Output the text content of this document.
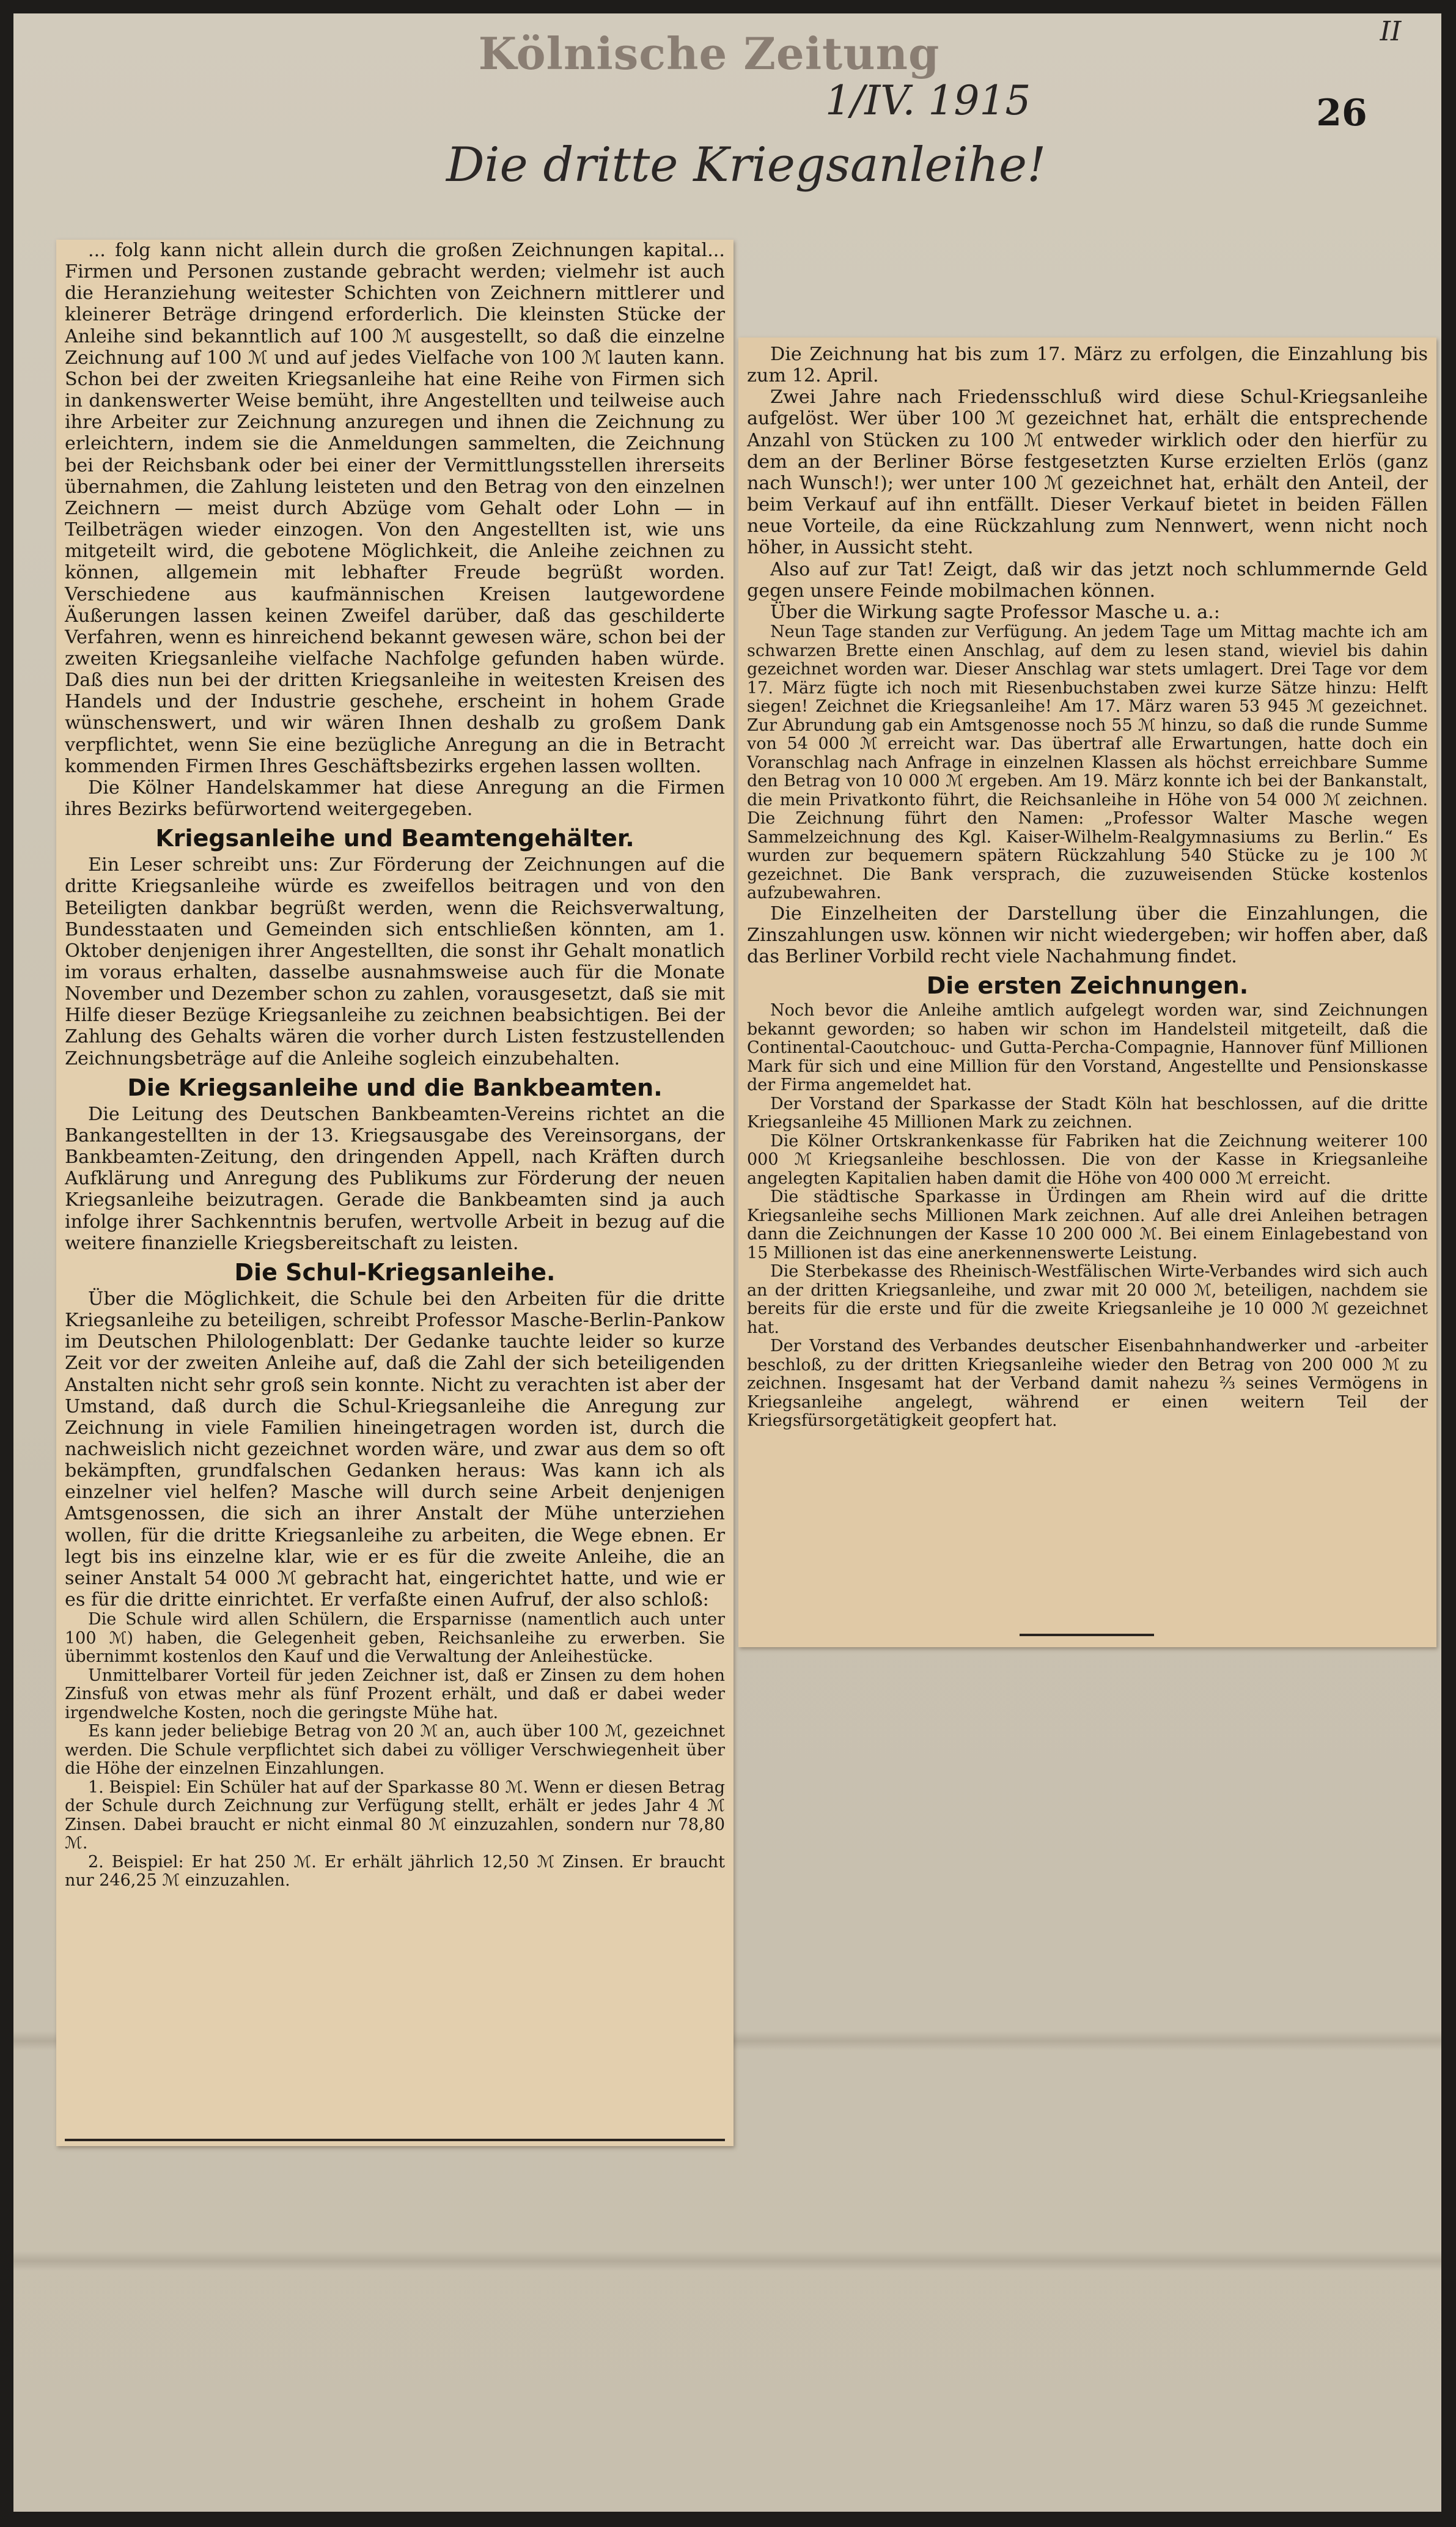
Kölnische Zeitung	II
1/IV. 1915	26
Die dritte Kriegsanleihe!

... folg kann nicht allein durch die großen Zeichnungen kapital... Firmen und Personen zustande gebracht werden; vielmehr ist auch die Heranziehung weitester Schichten von Zeichnern mittlerer und kleinerer Beträge dringend erforderlich. Die kleinsten Stücke der Anleihe sind bekanntlich auf 100 ℳ ausgestellt, so daß die einzelne Zeichnung auf 100 ℳ und auf jedes Vielfache von 100 ℳ lauten kann. Schon bei der zweiten Kriegsanleihe hat eine Reihe von Firmen sich in dankenswerter Weise bemüht, ihre Angestellten und teilweise auch ihre Arbeiter zur Zeichnung anzuregen und ihnen die Zeichnung zu erleichtern, indem sie die Anmeldungen sammelten, die Zeichnung bei der Reichsbank oder bei einer der Vermittlungsstellen ihrerseits übernahmen, die Zahlung leisteten und den Betrag von den einzelnen Zeichnern — meist durch Abzüge vom Gehalt oder Lohn — in Teilbeträgen wieder einzogen. Von den Angestellten ist, wie uns mitgeteilt wird, die gebotene Möglichkeit, die Anleihe zeichnen zu können, allgemein mit lebhafter Freude begrüßt worden. Verschiedene aus kaufmännischen Kreisen lautgewordene Äußerungen lassen keinen Zweifel darüber, daß das geschilderte Verfahren, wenn es hinreichend bekannt gewesen wäre, schon bei der zweiten Kriegsanleihe vielfache Nachfolge gefunden haben würde. Daß dies nun bei der dritten Kriegsanleihe in weitesten Kreisen des Handels und der Industrie geschehe, erscheint in hohem Grade wünschenswert, und wir wären Ihnen deshalb zu großem Dank verpflichtet, wenn Sie eine bezügliche Anregung an die in Betracht kommenden Firmen Ihres Geschäftsbezirks ergehen lassen wollten.

Die Kölner Handelskammer hat diese Anregung an die Firmen ihres Bezirks befürwortend weitergegeben.

Kriegsanleihe und Beamtengehälter.

Ein Leser schreibt uns: Zur Förderung der Zeichnungen auf die dritte Kriegsanleihe würde es zweifellos beitragen und von den Beteiligten dankbar begrüßt werden, wenn die Reichsverwaltung, Bundesstaaten und Gemeinden sich entschließen könnten, am 1. Oktober denjenigen ihrer Angestellten, die sonst ihr Gehalt monatlich im voraus erhalten, dasselbe ausnahmsweise auch für die Monate November und Dezember schon zu zahlen, vorausgesetzt, daß sie mit Hilfe dieser Bezüge Kriegsanleihe zu zeichnen beabsichtigen. Bei der Zahlung des Gehalts wären die vorher durch Listen festzustellenden Zeichnungsbeträge auf die Anleihe sogleich einzubehalten.

Die Kriegsanleihe und die Bankbeamten.

Die Leitung des Deutschen Bankbeamten-Vereins richtet an die Bankangestellten in der 13. Kriegsausgabe des Vereinsorgans, der Bankbeamten-Zeitung, den dringenden Appell, nach Kräften durch Aufklärung und Anregung des Publikums zur Förderung der neuen Kriegsanleihe beizutragen. Gerade die Bankbeamten sind ja auch infolge ihrer Sachkenntnis berufen, wertvolle Arbeit in bezug auf die weitere finanzielle Kriegsbereitschaft zu leisten.

Die Schul-Kriegsanleihe.

Über die Möglichkeit, die Schule bei den Arbeiten für die dritte Kriegsanleihe zu beteiligen, schreibt Professor Masche-Berlin-Pankow im Deutschen Philologenblatt: Der Gedanke tauchte leider so kurze Zeit vor der zweiten Anleihe auf, daß die Zahl der sich beteiligenden Anstalten nicht sehr groß sein konnte. Nicht zu verachten ist aber der Umstand, daß durch die Schul-Kriegsanleihe die Anregung zur Zeichnung in viele Familien hineingetragen worden ist, durch die nachweislich nicht gezeichnet worden wäre, und zwar aus dem so oft bekämpften, grundfalschen Gedanken heraus: Was kann ich als einzelner viel helfen? Masche will durch seine Arbeit denjenigen Amtsgenossen, die sich an ihrer Anstalt der Mühe unterziehen wollen, für die dritte Kriegsanleihe zu arbeiten, die Wege ebnen. Er legt bis ins einzelne klar, wie er es für die zweite Anleihe, die an seiner Anstalt 54 000 ℳ gebracht hat, eingerichtet hatte, und wie er es für die dritte einrichtet. Er verfaßte einen Aufruf, der also schloß:

Die Schule wird allen Schülern, die Ersparnisse (namentlich auch unter 100 ℳ) haben, die Gelegenheit geben, Reichsanleihe zu erwerben. Sie übernimmt kostenlos den Kauf und die Verwaltung der Anleihestücke.

Unmittelbarer Vorteil für jeden Zeichner ist, daß er Zinsen zu dem hohen Zinsfuß von etwas mehr als fünf Prozent erhält, und daß er dabei weder irgendwelche Kosten, noch die geringste Mühe hat.

Es kann jeder beliebige Betrag von 20 ℳ an, auch über 100 ℳ, gezeichnet werden. Die Schule verpflichtet sich dabei zu völliger Verschwiegenheit über die Höhe der einzelnen Einzahlungen.

1. Beispiel: Ein Schüler hat auf der Sparkasse 80 ℳ. Wenn er diesen Betrag der Schule durch Zeichnung zur Verfügung stellt, erhält er jedes Jahr 4 ℳ Zinsen. Dabei braucht er nicht einmal 80 ℳ einzuzahlen, sondern nur 78,80 ℳ.

2. Beispiel: Er hat 250 ℳ. Er erhält jährlich 12,50 ℳ Zinsen. Er braucht nur 246,25 ℳ einzuzahlen.

Die Zeichnung hat bis zum 17. März zu erfolgen, die Einzahlung bis zum 12. April.

Zwei Jahre nach Friedensschluß wird diese Schul-Kriegsanleihe aufgelöst. Wer über 100 ℳ gezeichnet hat, erhält die entsprechende Anzahl von Stücken zu 100 ℳ entweder wirklich oder den hierfür zu dem an der Berliner Börse festgesetzten Kurse erzielten Erlös (ganz nach Wunsch!); wer unter 100 ℳ gezeichnet hat, erhält den Anteil, der beim Verkauf auf ihn entfällt. Dieser Verkauf bietet in beiden Fällen neue Vorteile, da eine Rückzahlung zum Nennwert, wenn nicht noch höher, in Aussicht steht.

Also auf zur Tat! Zeigt, daß wir das jetzt noch schlummernde Geld gegen unsere Feinde mobilmachen können.

Über die Wirkung sagte Professor Masche u. a.:

Neun Tage standen zur Verfügung. An jedem Tage um Mittag machte ich am schwarzen Brette einen Anschlag, auf dem zu lesen stand, wieviel bis dahin gezeichnet worden war. Dieser Anschlag war stets umlagert. Drei Tage vor dem 17. März fügte ich noch mit Riesenbuchstaben zwei kurze Sätze hinzu: Helft siegen! Zeichnet die Kriegsanleihe! Am 17. März waren 53 945 ℳ gezeichnet. Zur Abrundung gab ein Amtsgenosse noch 55 ℳ hinzu, so daß die runde Summe von 54 000 ℳ erreicht war. Das übertraf alle Erwartungen, hatte doch ein Voranschlag nach Anfrage in einzelnen Klassen als höchst erreichbare Summe den Betrag von 10 000 ℳ ergeben. Am 19. März konnte ich bei der Bankanstalt, die mein Privatkonto führt, die Reichsanleihe in Höhe von 54 000 ℳ zeichnen. Die Zeichnung führt den Namen: „Professor Walter Masche wegen Sammelzeichnung des Kgl. Kaiser-Wilhelm-Realgymnasiums zu Berlin.“ Es wurden zur bequemern spätern Rückzahlung 540 Stücke zu je 100 ℳ gezeichnet. Die Bank versprach, die zuzuweisenden Stücke kostenlos aufzubewahren.

Die Einzelheiten der Darstellung über die Einzahlungen, die Zinszahlungen usw. können wir nicht wiedergeben; wir hoffen aber, daß das Berliner Vorbild recht viele Nachahmung findet.

Die ersten Zeichnungen.

Noch bevor die Anleihe amtlich aufgelegt worden war, sind Zeichnungen bekannt geworden; so haben wir schon im Handelsteil mitgeteilt, daß die Continental-Caoutchouc- und Gutta-Percha-Compagnie, Hannover fünf Millionen Mark für sich und eine Million für den Vorstand, Angestellte und Pensionskasse der Firma angemeldet hat.

Der Vorstand der Sparkasse der Stadt Köln hat beschlossen, auf die dritte Kriegsanleihe 45 Millionen Mark zu zeichnen.

Die Kölner Ortskrankenkasse für Fabriken hat die Zeichnung weiterer 100 000 ℳ Kriegsanleihe beschlossen. Die von der Kasse in Kriegsanleihe angelegten Kapitalien haben damit die Höhe von 400 000 ℳ erreicht.

Die städtische Sparkasse in Ürdingen am Rhein wird auf die dritte Kriegsanleihe sechs Millionen Mark zeichnen. Auf alle drei Anleihen betragen dann die Zeichnungen der Kasse 10 200 000 ℳ. Bei einem Einlagebestand von 15 Millionen ist das eine anerkennenswerte Leistung.

Die Sterbekasse des Rheinisch-Westfälischen Wirte-Verbandes wird sich auch an der dritten Kriegsanleihe, und zwar mit 20 000 ℳ, beteiligen, nachdem sie bereits für die erste und für die zweite Kriegsanleihe je 10 000 ℳ gezeichnet hat.

Der Vorstand des Verbandes deutscher Eisenbahnhandwerker und -arbeiter beschloß, zu der dritten Kriegsanleihe wieder den Betrag von 200 000 ℳ zu zeichnen. Insgesamt hat der Verband damit nahezu ⅔ seines Vermögens in Kriegsanleihe angelegt, während er einen weitern Teil der Kriegsfürsorgetätigkeit geopfert hat.
